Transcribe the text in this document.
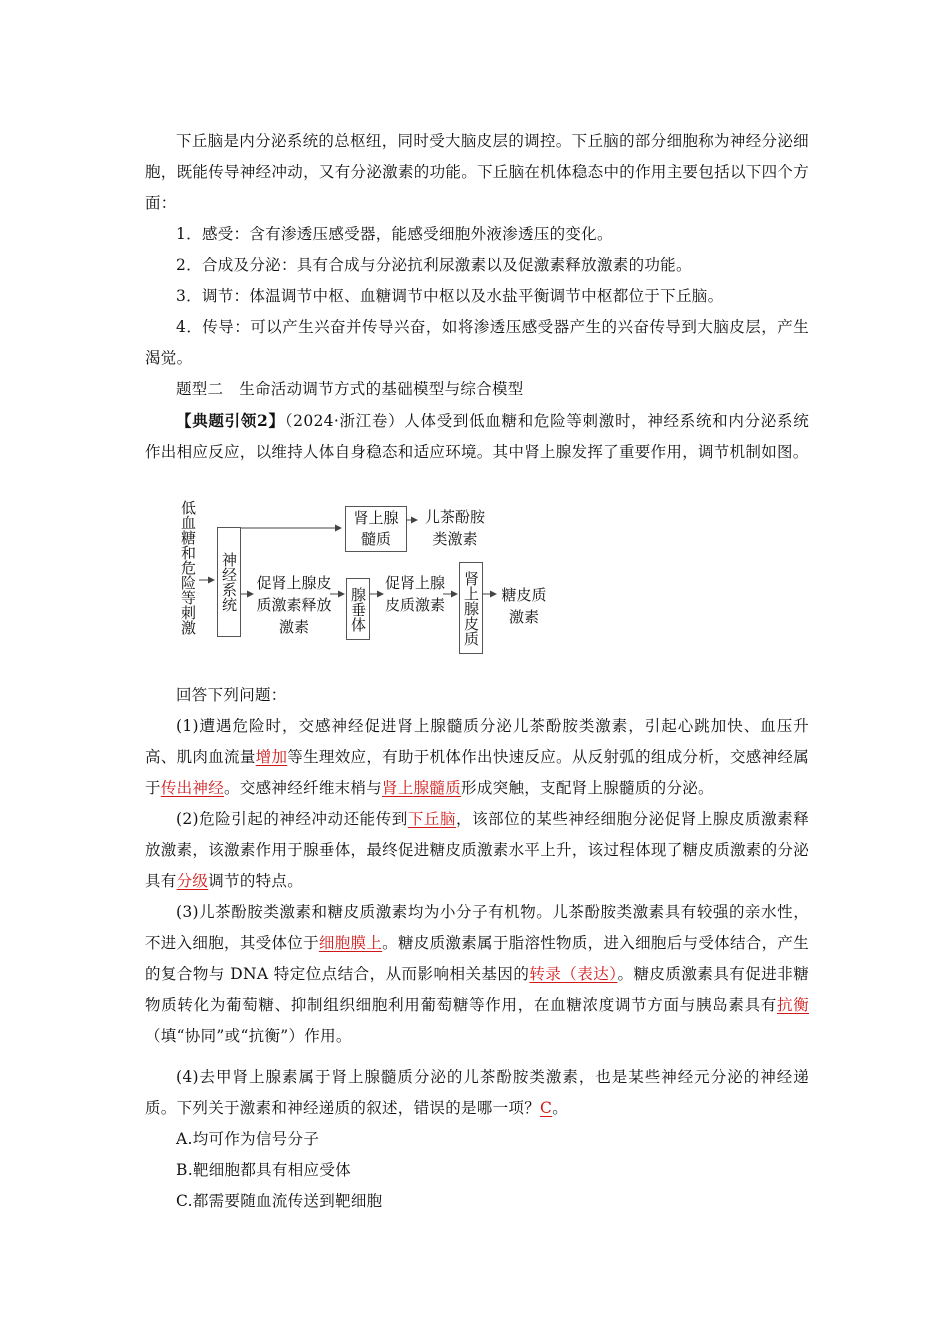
下丘脑是内分泌系统的总枢纽，同时受大脑皮层的调控。下丘脑的部分细胞称为神经分泌细胞，既能传导神经冲动，又有分泌激素的功能。下丘脑在机体稳态中的作用主要包括以下四个方面：

1．感受：含有渗透压感受器，能感受细胞外液渗透压的变化。

2．合成及分泌：具有合成与分泌抗利尿激素以及促激素释放激素的功能。

3．调节：体温调节中枢、血糖调节中枢以及水盐平衡调节中枢都位于下丘脑。

4．传导：可以产生兴奋并传导兴奋，如将渗透压感受器产生的兴奋传导到大脑皮层，产生渴觉。

题型二　生命活动调节方式的基础模型与综合模型

【典题引领2】（2024·浙江卷）人体受到低血糖和危险等刺激时，神经系统和内分泌系统作出相应反应，以维持人体自身稳态和适应环境。其中肾上腺发挥了重要作用，调节机制如图。

低血糖和危险等刺激 神经系统
肾上腺髓质
儿茶酚胺类激素
促肾上腺皮质激素释放激素	腺垂体
促肾上腺皮质激素 肾上腺皮质 糖皮质激素

回答下列问题：

(1)遭遇危险时，交感神经促进肾上腺髓质分泌儿茶酚胺类激素，引起心跳加快、血压升高、肌肉血流量增加等生理效应，有助于机体作出快速反应。从反射弧的组成分析，交感神经属于传出神经。交感神经纤维末梢与肾上腺髓质形成突触，支配肾上腺髓质的分泌。

(2)危险引起的神经冲动还能传到下丘脑，该部位的某些神经细胞分泌促肾上腺皮质激素释放激素，该激素作用于腺垂体，最终促进糖皮质激素水平上升，该过程体现了糖皮质激素的分泌具有分级调节的特点。

(3)儿茶酚胺类激素和糖皮质激素均为小分子有机物。儿茶酚胺类激素具有较强的亲水性，不进入细胞，其受体位于细胞膜上。糖皮质激素属于脂溶性物质，进入细胞后与受体结合，产生的复合物与 DNA 特定位点结合，从而影响相关基因的转录（表达）。糖皮质激素具有促进非糖物质转化为葡萄糖、抑制组织细胞利用葡萄糖等作用，在血糖浓度调节方面与胰岛素具有抗衡（填“协同”或“抗衡”）作用。

(4)去甲肾上腺素属于肾上腺髓质分泌的儿茶酚胺类激素，也是某些神经元分泌的神经递质。下列关于激素和神经递质的叙述，错误的是哪一项？C。

A.均可作为信号分子

B.靶细胞都具有相应受体

C.都需要随血流传送到靶细胞
